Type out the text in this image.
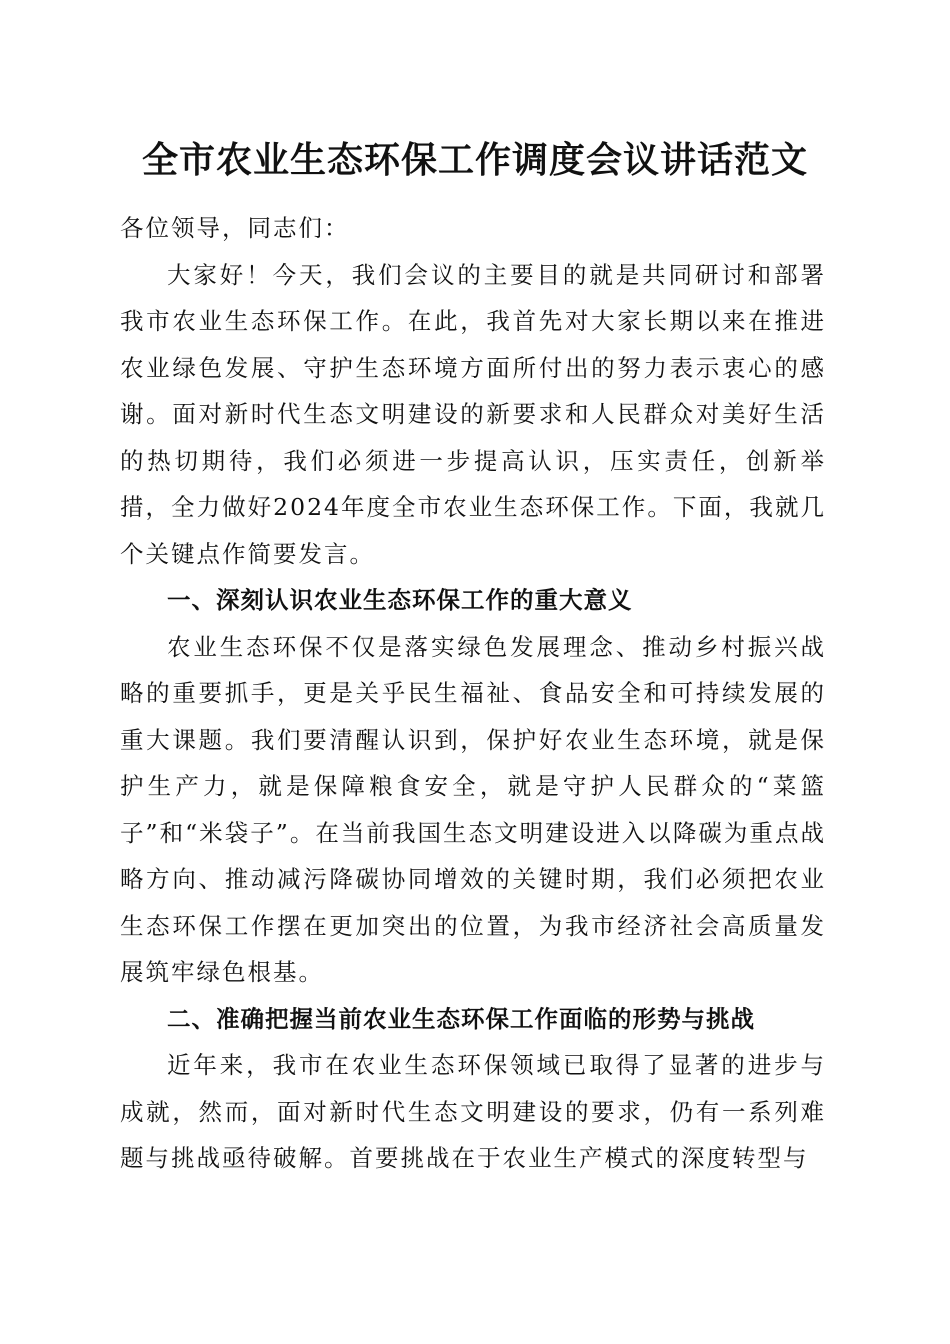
全市农业生态环保工作调度会议讲话范文

各位领导，同志们：

大家好！今天，我们会议的主要目的就是共同研讨和部署我市农业生态环保工作。在此，我首先对大家长期以来在推进农业绿色发展、守护生态环境方面所付出的努力表示衷心的感谢。面对新时代生态文明建设的新要求和人民群众对美好生活的热切期待，我们必须进一步提高认识，压实责任，创新举措，全力做好2024年度全市农业生态环保工作。下面，我就几个关键点作简要发言。

一、深刻认识农业生态环保工作的重大意义

农业生态环保不仅是落实绿色发展理念、推动乡村振兴战略的重要抓手，更是关乎民生福祉、食品安全和可持续发展的重大课题。我们要清醒认识到，保护好农业生态环境，就是保护生产力，就是保障粮食安全，就是守护人民群众的“菜篮子”和“米袋子”。在当前我国生态文明建设进入以降碳为重点战略方向、推动减污降碳协同增效的关键时期，我们必须把农业生态环保工作摆在更加突出的位置，为我市经济社会高质量发展筑牢绿色根基。

二、准确把握当前农业生态环保工作面临的形势与挑战

近年来，我市在农业生态环保领域已取得了显著的进步与成就，然而，面对新时代生态文明建设的要求，仍有一系列难题与挑战亟待破解。首要挑战在于农业生产模式的深度转型与
